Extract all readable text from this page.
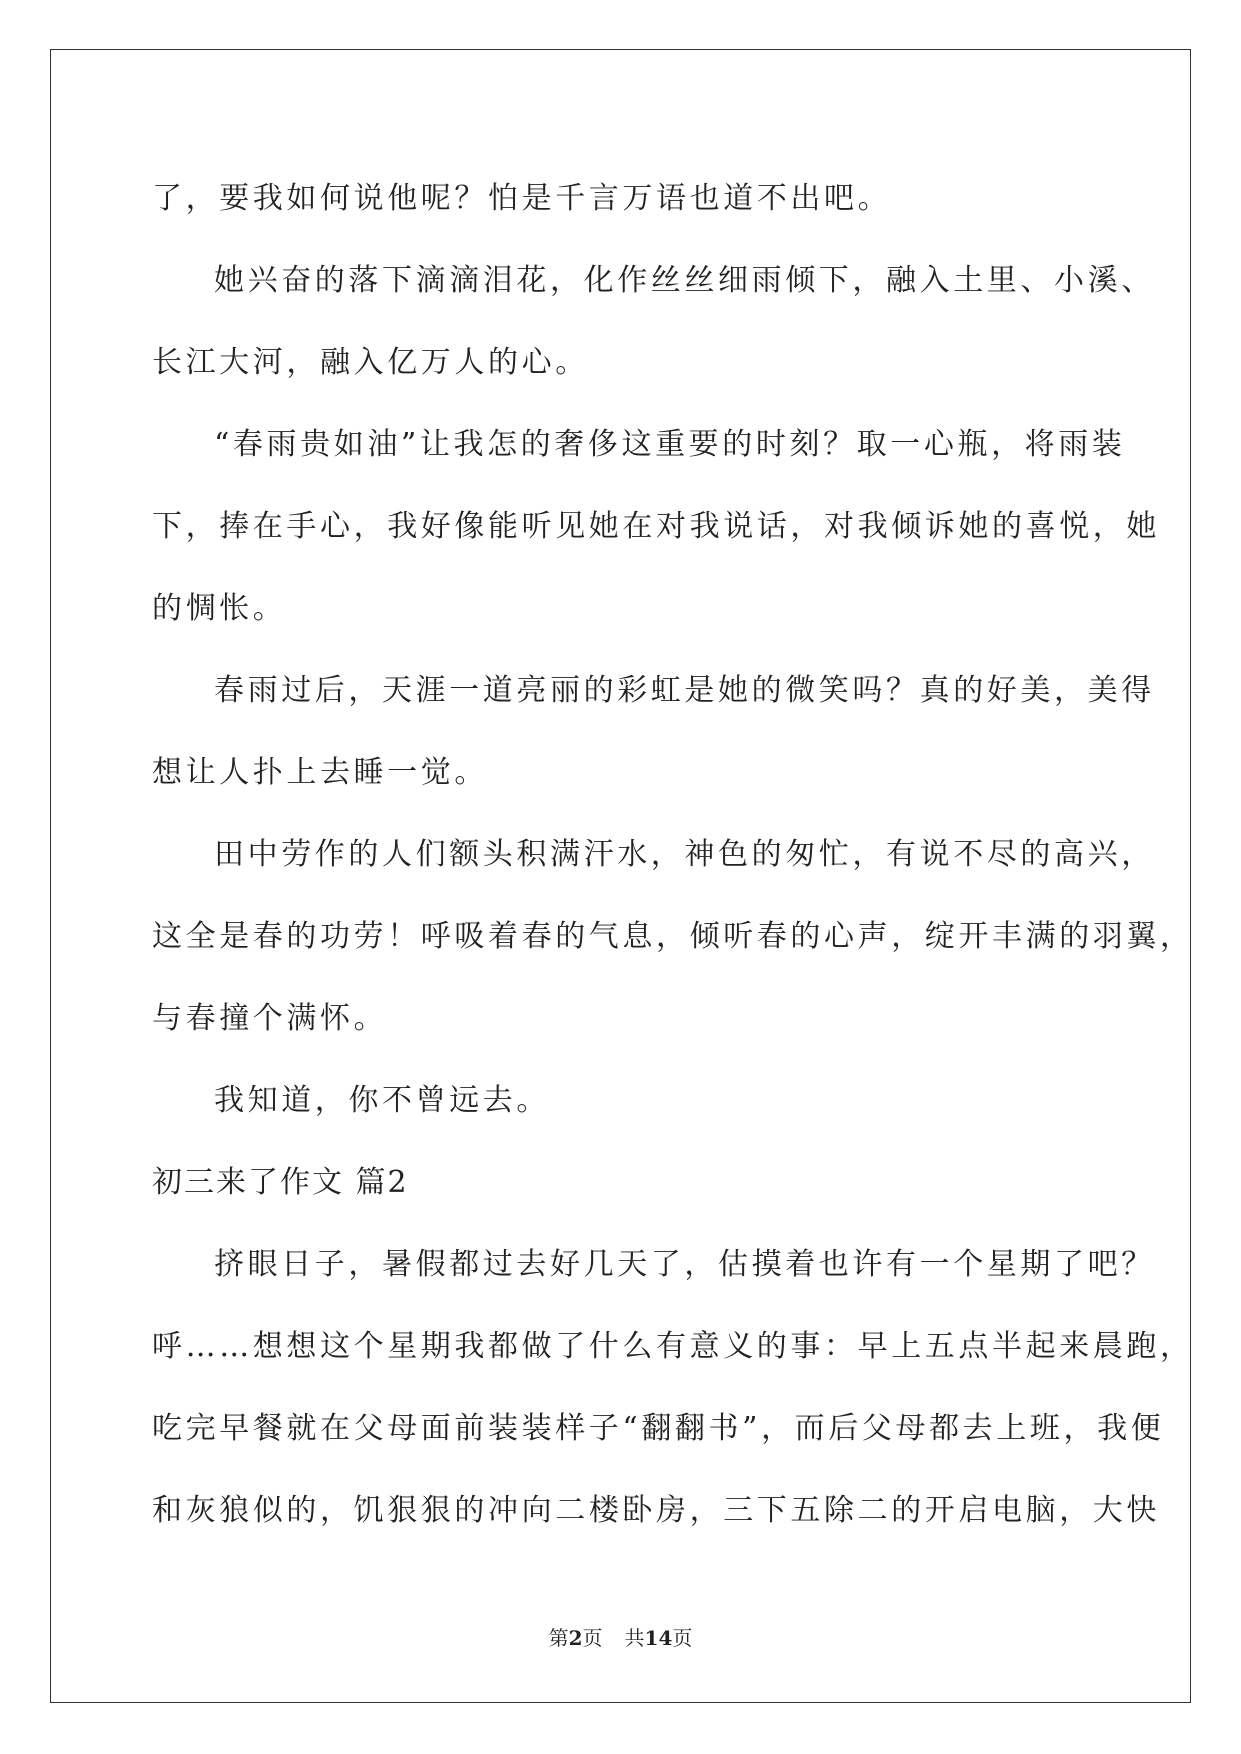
了，要我如何说他呢？怕是千言万语也道不出吧。
她兴奋的落下滴滴泪花，化作丝丝细雨倾下，融入土里、小溪、
长江大河，融入亿万人的心。
“春雨贵如油”让我怎的奢侈这重要的时刻？取一心瓶，将雨装
下，捧在手心，我好像能听见她在对我说话，对我倾诉她的喜悦，她
的惆怅。
春雨过后，天涯一道亮丽的彩虹是她的微笑吗？真的好美，美得
想让人扑上去睡一觉。
田中劳作的人们额头积满汗水，神色的匆忙，有说不尽的高兴，
这全是春的功劳！呼吸着春的气息，倾听春的心声，绽开丰满的羽翼，
与春撞个满怀。
我知道，你不曾远去。
初三来了作文 篇2
挤眼日子，暑假都过去好几天了，估摸着也许有一个星期了吧？
呼……想想这个星期我都做了什么有意义的事：早上五点半起来晨跑，
吃完早餐就在父母面前装装样子“翻翻书”，而后父母都去上班，我便
和灰狼似的，饥狠狠的冲向二楼卧房，三下五除二的开启电脑，大快
第2页 共14页
